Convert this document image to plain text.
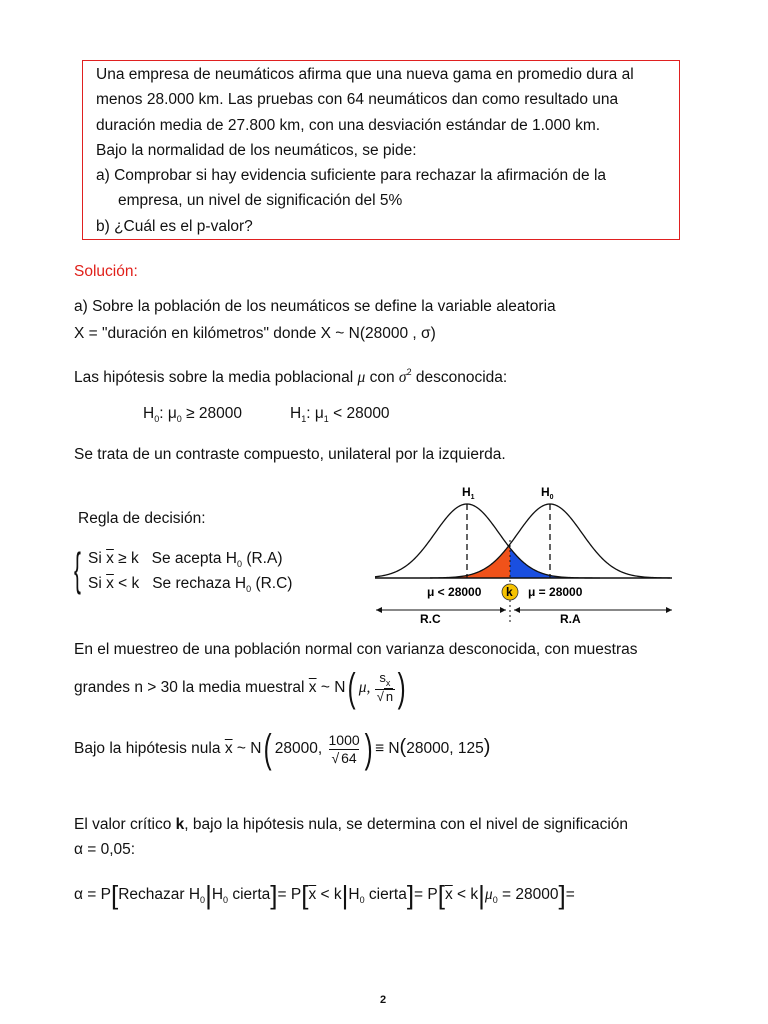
Una empresa de neumáticos afirma que una nueva gama en promedio dura al
menos 28.000 km. Las pruebas con 64 neumáticos dan como resultado una
duración media de 27.800 km, con una desviación estándar de 1.000 km.
Bajo la normalidad de los neumáticos, se pide:
a) Comprobar si hay evidencia suficiente para rechazar la afirmación de la
empresa, un nivel de significación del 5%
b) ¿Cuál es el p-valor?
Solución:
a) Sobre la población de los neumáticos se define la variable aleatoria
X = "duración en kilómetros" donde X ~ N(28000 , σ)
Las hipótesis sobre la media poblacional μ con $\sigma^2$ desconocida:
$H_0$: $\mu_0 \ge 28000$	$H_1$: $\mu_1 < 28000$
Se trata de un contraste compuesto, unilateral por la izquierda.
Regla de decisión:
{ Si $\overline{x} \ge k$ Se acepta $H_0$ (R.A)
Si $\overline{x} < k$ Se rechaza $H_0$ (R.C)
$H_1$	$H_0$
μ < 28000 k μ = 28000
R.C	R.A
En el muestreo de una población normal con varianza desconocida, con muestras
grandes n > 30 la media muestral $\overline{x}$ ~ N( μ, $\frac{s_x}{√ n}$ )
Bajo la hipótesis nula $\overline{x}$ ~ N( 28000, $\frac{1000}{√ 64}$ ) ≡ N(28000, 125)
El valor crítico k, bajo la hipótesis nula, se determina con el nivel de significación
α = 0,05:
α = P[Rechazar $H_0|H_0$ cierta]= $P[\overline{x} < k|H_0$ cierta]= $P[\overline{x} < k|\mu_0 = 28000]=$
2
